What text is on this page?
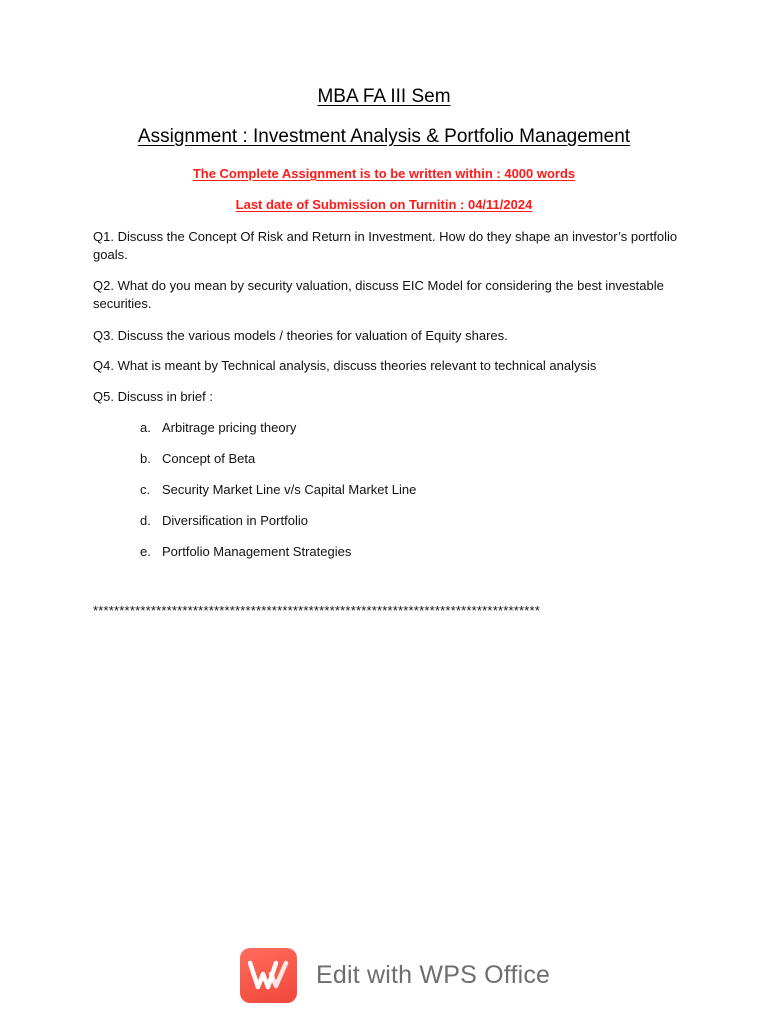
MBA FA III Sem
Assignment : Investment Analysis & Portfolio Management
The Complete Assignment is to be written within : 4000 words
Last date of Submission on Turnitin : 04/11/2024
Q1. Discuss the Concept Of Risk and Return in Investment. How do they shape an investor’s portfolio goals.
Q2. What do you mean by security valuation, discuss EIC Model for considering the best investable securities.
Q3. Discuss the various models / theories for valuation of Equity shares.
Q4. What is meant by Technical analysis, discuss theories relevant to technical analysis
Q5. Discuss in brief :
a. Arbitrage pricing theory
b. Concept of Beta
c. Security Market Line v/s Capital Market Line
d. Diversification in Portfolio
e. Portfolio Management Strategies
*************************************************************************************
Edit with WPS Office
